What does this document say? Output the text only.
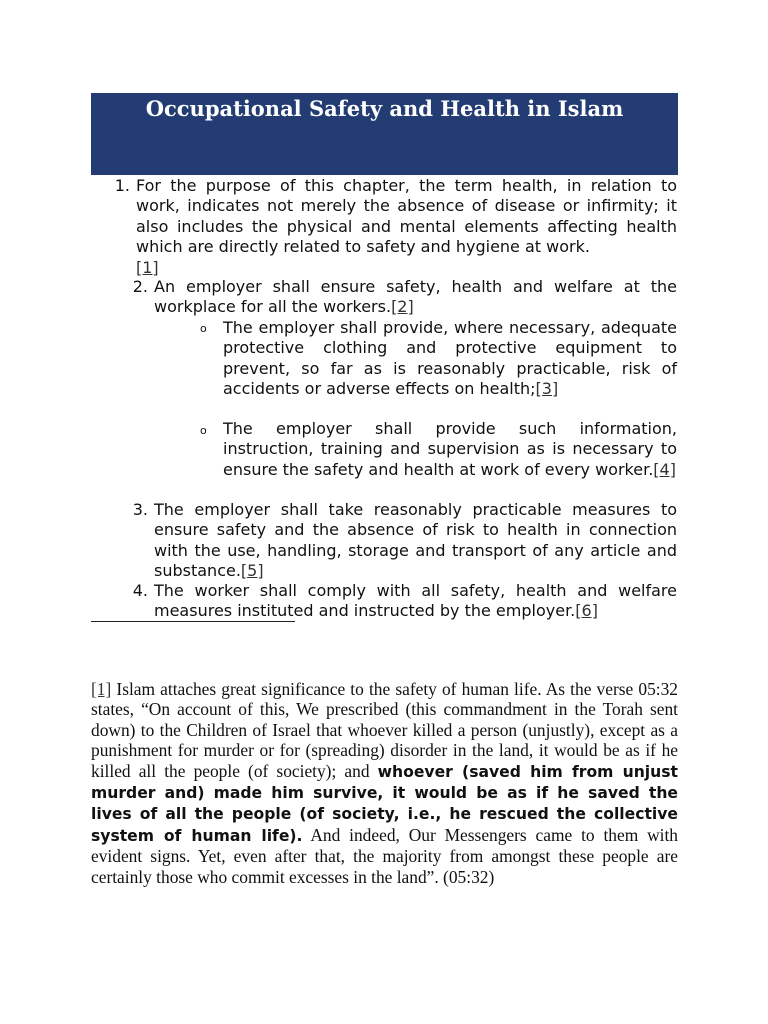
Occupational Safety and Health in Islam
1. For the purpose of this chapter, the term health, in relation to work, indicates not merely the absence of disease or infirmity; it also includes the physical and mental elements affecting health which are directly related to safety and hygiene at work.
[1]

2. An employer shall ensure safety, health and welfare at the workplace for all the workers.[2]

o The employer shall provide, where necessary, adequate protective clothing and protective equipment to prevent, so far as is reasonably practicable, risk of accidents or adverse effects on health;[3]

o The employer shall provide such information, instruction, training and supervision as is necessary to ensure the safety and health at work of every worker.[4]

3. The employer shall take reasonably practicable measures to ensure safety and the absence of risk to health in connection with the use, handling, storage and transport of any article and substance.[5]

4. The worker shall comply with all safety, health and welfare measures instituted and instructed by the employer.[6]

[1] Islam attaches great significance to the safety of human life. As the verse 05:32 states, “On account of this, We prescribed (this commandment in the Torah sent down) to the Children of Israel that whoever killed a person (unjustly), except as a punishment for murder or for (spreading) disorder in the land, it would be as if he killed all the people (of society); and whoever (saved him from unjust murder and) made him survive, it would be as if he saved the lives of all the people (of society, i.e., he rescued the collective system of human life). And indeed, Our Messengers came to them with evident signs. Yet, even after that, the majority from amongst these people are certainly those who commit excesses in the land”. (05:32)
